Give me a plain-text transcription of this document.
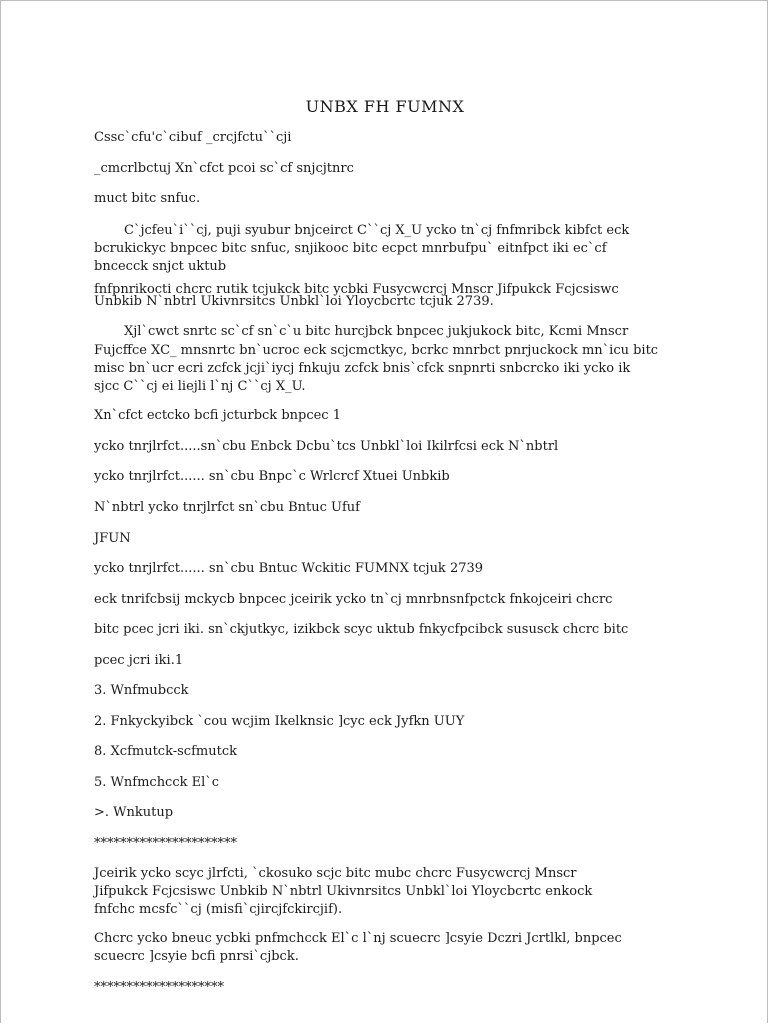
UNBX FH FUMNX
Cssc`cfu'c`cibuf _crcjfctu``cji
_cmcrlbctuj Xn`cfct pcoi sc`cf snjcjtnrc
muct bitc snfuc.
C`jcfeu`i``cj, puji syubur bnjceirct C``cj X_U ycko tn`cj fnfmribck kibfct eck
bcrukickyc bnpcec bitc snfuc, snjikooc bitc ecpct mnrbufpu` eitnfpct iki ec`cf
bncecck snjct uktub
fnfpnrikocti chcrc rutik tcjukck bitc ycbki Fusycwcrcj Mnscr Jifpukck Fcjcsiswc
Unbkib N`nbtrl Ukivnrsitcs Unbkl`loi Yloycbcrtc tcjuk 2739.
Xjl`cwct snrtc sc`cf sn`c`u bitc hurcjbck bnpcec jukjukock bitc, Kcmi Mnscr
Fujcffce XC_ mnsnrtc bn`ucroc eck scjcmctkyc, bcrkc mnrbct pnrjuckock mn`icu bitc
misc bn`ucr ecri zcfck jcji`iycj fnkuju zcfck bnis`cfck snpnrti snbcrcko iki ycko ik
sjcc C``cj ei liejli l`nj C``cj X_U.
Xn`cfct ectcko bcfi jcturbck bnpcec 1
ycko tnrjlrfct.....sn`cbu Enbck Dcbu`tcs Unbkl`loi Ikilrfcsi eck N`nbtrl
ycko tnrjlrfct...... sn`cbu Bnpc`c Wrlcrcf Xtuei Unbkib
N`nbtrl ycko tnrjlrfct sn`cbu Bntuc Ufuf
JFUN
ycko tnrjlrfct...... sn`cbu Bntuc Wckitic FUMNX tcjuk 2739
eck tnrifcbsij mckycb bnpcec jceirik ycko tn`cj mnrbnsnfpctck fnkojceiri chcrc
bitc pcec jcri iki. sn`ckjutkyc, izikbck scyc uktub fnkycfpcibck sususck chcrc bitc
pcec jcri iki.1
3. Wnfmubcck
2. Fnkyckyibck `cou wcjim Ikelknsic ]cyc eck Jyfkn UUY
8. Xcfmutck-scfmutck
5. Wnfmchcck El`c
>. Wnkutup
**********************
Jceirik ycko scyc jlrfcti, `ckosuko scjc bitc mubc chcrc Fusycwcrcj Mnscr
Jifpukck Fcjcsiswc Unbkib N`nbtrl Ukivnrsitcs Unbkl`loi Yloycbcrtc enkock
fnfchc mcsfc``cj (misfi`cjircjfckircjif).
Chcrc ycko bneuc ycbki pnfmchcck El`c l`nj scuecrc ]csyie Dczri Jcrtlkl, bnpcec
scuecrc ]csyie bcfi pnrsi`cjbck.
********************
